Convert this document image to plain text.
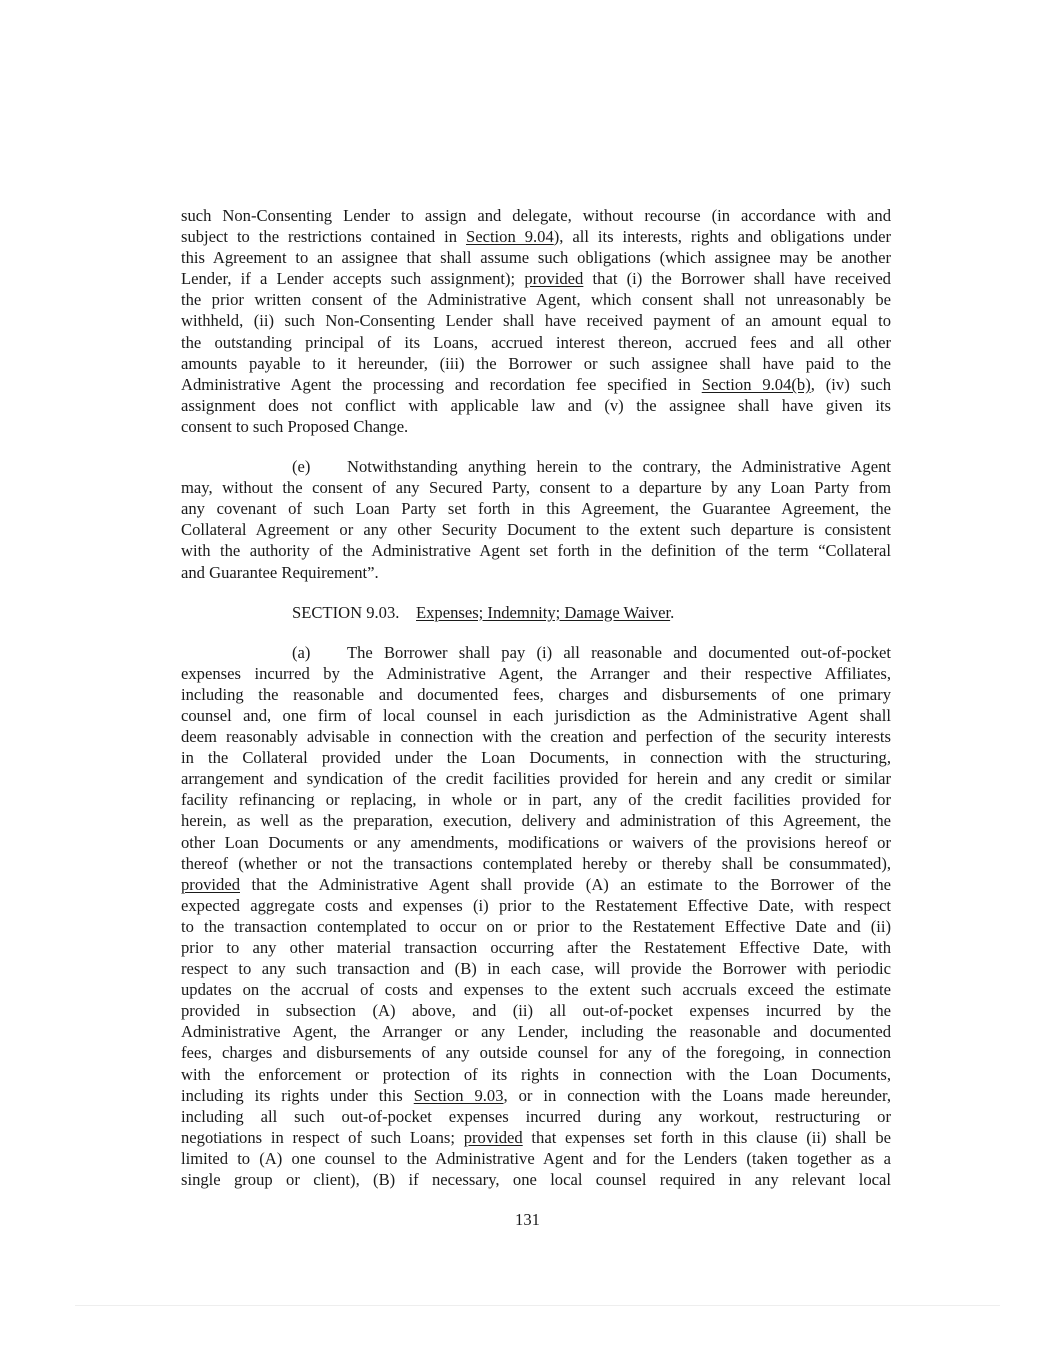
such Non-Consenting Lender to assign and delegate, without recourse (in accordance with and
subject to the restrictions contained in Section 9.04), all its interests, rights and obligations under
this Agreement to an assignee that shall assume such obligations (which assignee may be another
Lender, if a Lender accepts such assignment); provided that (i) the Borrower shall have received
the prior written consent of the Administrative Agent, which consent shall not unreasonably be
withheld, (ii) such Non-Consenting Lender shall have received payment of an amount equal to
the outstanding principal of its Loans, accrued interest thereon, accrued fees and all other
amounts payable to it hereunder, (iii) the Borrower or such assignee shall have paid to the
Administrative Agent the processing and recordation fee specified in Section 9.04(b), (iv) such
assignment does not conflict with applicable law and (v) the assignee shall have given its
consent to such Proposed Change.
(e) Notwithstanding anything herein to the contrary, the Administrative Agent
may, without the consent of any Secured Party, consent to a departure by any Loan Party from
any covenant of such Loan Party set forth in this Agreement, the Guarantee Agreement, the
Collateral Agreement or any other Security Document to the extent such departure is consistent
with the authority of the Administrative Agent set forth in the definition of the term “Collateral
and Guarantee Requirement”.
SECTION 9.03.    Expenses; Indemnity; Damage Waiver.
(a) The Borrower shall pay (i) all reasonable and documented out-of-pocket
expenses incurred by the Administrative Agent, the Arranger and their respective Affiliates,
including the reasonable and documented fees, charges and disbursements of one primary
counsel and, one firm of local counsel in each jurisdiction as the Administrative Agent shall
deem reasonably advisable in connection with the creation and perfection of the security interests
in the Collateral provided under the Loan Documents, in connection with the structuring,
arrangement and syndication of the credit facilities provided for herein and any credit or similar
facility refinancing or replacing, in whole or in part, any of the credit facilities provided for
herein, as well as the preparation, execution, delivery and administration of this Agreement, the
other Loan Documents or any amendments, modifications or waivers of the provisions hereof or
thereof (whether or not the transactions contemplated hereby or thereby shall be consummated),
provided that the Administrative Agent shall provide (A) an estimate to the Borrower of the
expected aggregate costs and expenses (i) prior to the Restatement Effective Date, with respect
to the transaction contemplated to occur on or prior to the Restatement Effective Date and (ii)
prior to any other material transaction occurring after the Restatement Effective Date, with
respect to any such transaction and (B) in each case, will provide the Borrower with periodic
updates on the accrual of costs and expenses to the extent such accruals exceed the estimate
provided in subsection (A) above, and (ii) all out-of-pocket expenses incurred by the
Administrative Agent, the Arranger or any Lender, including the reasonable and documented
fees, charges and disbursements of any outside counsel for any of the foregoing, in connection
with the enforcement or protection of its rights in connection with the Loan Documents,
including its rights under this Section 9.03, or in connection with the Loans made hereunder,
including all such out-of-pocket expenses incurred during any workout, restructuring or
negotiations in respect of such Loans; provided that expenses set forth in this clause (ii) shall be
limited to (A) one counsel to the Administrative Agent and for the Lenders (taken together as a
single group or client), (B) if necessary, one local counsel required in any relevant local
131
